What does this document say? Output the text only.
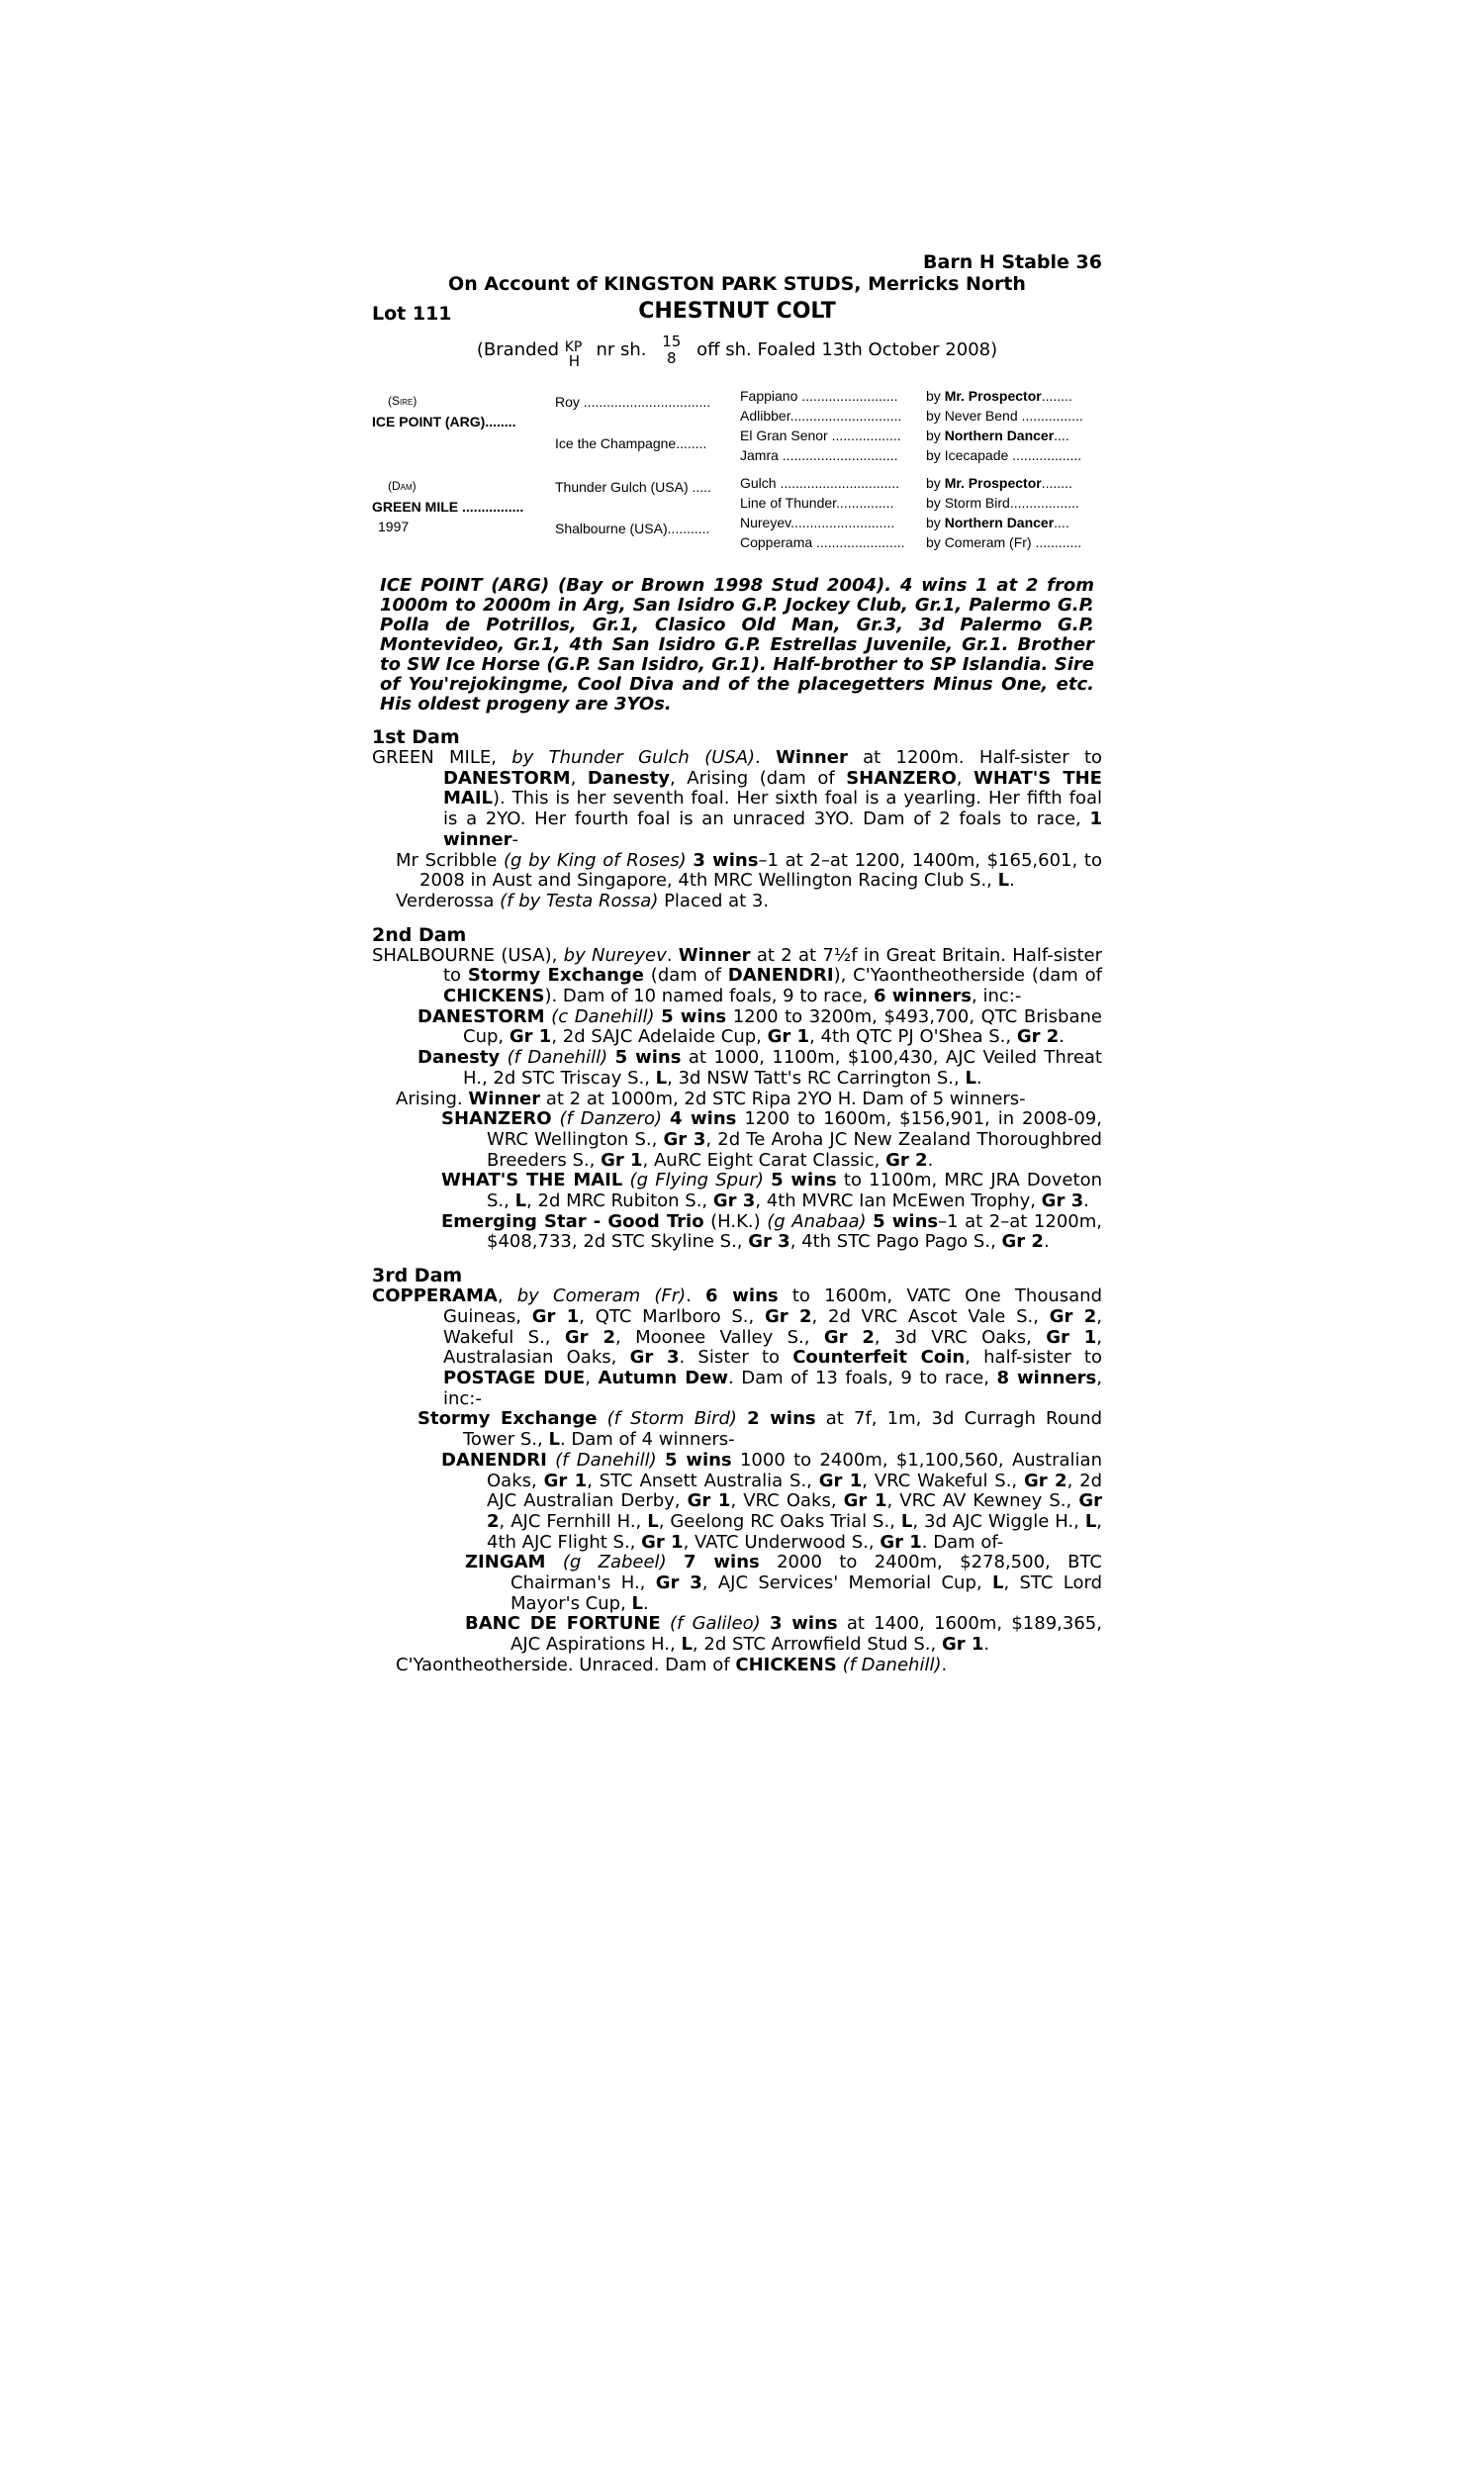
Barn H Stable 36
On Account of KINGSTON PARK STUDS, Merricks North
Lot 111	CHESTNUT COLT
(Branded KP
H
nr sh. 15
8 off sh. Foaled 13th October 2008)
(Sire)
ICE POINT (ARG)........
(Dam)
GREEN MILE ................
1997
Roy .................................
Ice the Champagne........
Thunder Gulch (USA) .....
Shalbourne (USA)...........
Fappiano .........................
Adlibber.............................
El Gran Senor ..................
Jamra ..............................
Gulch ...............................
Line of Thunder...............
Nureyev...........................
Copperama .......................
by Mr. Prospector........
by Never Bend ................
by Northern Dancer....
by Icecapade ..................
by Mr. Prospector........
by Storm Bird..................
by Northern Dancer....
by Comeram (Fr) ............
ICE POINT (ARG) (Bay or Brown 1998 Stud 2004). 4 wins 1 at 2 from 1000m to 2000m in Arg, San Isidro G.P. Jockey Club, Gr.1, Palermo G.P. Polla de Potrillos, Gr.1, Clasico Old Man, Gr.3, 3d Palermo G.P. Montevideo, Gr.1, 4th San Isidro G.P. Estrellas Juvenile, Gr.1. Brother to SW Ice Horse (G.P. San Isidro, Gr.1). Half-brother to SP Islandia. Sire of You'rejokingme, Cool Diva and of the placegetters Minus One, etc. His oldest progeny are 3YOs.
1st Dam
GREEN MILE, by Thunder Gulch (USA). Winner at 1200m. Half-sister to DANESTORM, Danesty, Arising (dam of SHANZERO, WHAT'S THE MAIL). This is her seventh foal. Her sixth foal is a yearling. Her fifth foal is a 2YO. Her fourth foal is an unraced 3YO. Dam of 2 foals to race, 1 winner-
Mr Scribble (g by King of Roses) 3 wins–1 at 2–at 1200, 1400m, $165,601, to 2008 in Aust and Singapore, 4th MRC Wellington Racing Club S., L.
Verderossa (f by Testa Rossa) Placed at 3.
2nd Dam
SHALBOURNE (USA), by Nureyev. Winner at 2 at 7½f in Great Britain. Half-sister to Stormy Exchange (dam of DANENDRI), C'Yaontheotherside (dam of CHICKENS). Dam of 10 named foals, 9 to race, 6 winners, inc:-
DANESTORM (c Danehill) 5 wins 1200 to 3200m, $493,700, QTC Brisbane Cup, Gr 1, 2d SAJC Adelaide Cup, Gr 1, 4th QTC PJ O'Shea S., Gr 2.
Danesty (f Danehill) 5 wins at 1000, 1100m, $100,430, AJC Veiled Threat H., 2d STC Triscay S., L, 3d NSW Tatt's RC Carrington S., L.
Arising. Winner at 2 at 1000m, 2d STC Ripa 2YO H. Dam of 5 winners-
SHANZERO (f Danzero) 4 wins 1200 to 1600m, $156,901, in 2008-09, WRC Wellington S., Gr 3, 2d Te Aroha JC New Zealand Thoroughbred Breeders S., Gr 1, AuRC Eight Carat Classic, Gr 2.
WHAT'S THE MAIL (g Flying Spur) 5 wins to 1100m, MRC JRA Doveton S., L, 2d MRC Rubiton S., Gr 3, 4th MVRC Ian McEwen Trophy, Gr 3.
Emerging Star - Good Trio (H.K.) (g Anabaa) 5 wins–1 at 2–at 1200m, $408,733, 2d STC Skyline S., Gr 3, 4th STC Pago Pago S., Gr 2.
3rd Dam
COPPERAMA, by Comeram (Fr). 6 wins to 1600m, VATC One Thousand Guineas, Gr 1, QTC Marlboro S., Gr 2, 2d VRC Ascot Vale S., Gr 2, Wakeful S., Gr 2, Moonee Valley S., Gr 2, 3d VRC Oaks, Gr 1, Australasian Oaks, Gr 3. Sister to Counterfeit Coin, half-sister to POSTAGE DUE, Autumn Dew. Dam of 13 foals, 9 to race, 8 winners, inc:-
Stormy Exchange (f Storm Bird) 2 wins at 7f, 1m, 3d Curragh Round Tower S., L. Dam of 4 winners-
DANENDRI (f Danehill) 5 wins 1000 to 2400m, $1,100,560, Australian Oaks, Gr 1, STC Ansett Australia S., Gr 1, VRC Wakeful S., Gr 2, 2d AJC Australian Derby, Gr 1, VRC Oaks, Gr 1, VRC AV Kewney S., Gr 2, AJC Fernhill H., L, Geelong RC Oaks Trial S., L, 3d AJC Wiggle H., L, 4th AJC Flight S., Gr 1, VATC Underwood S., Gr 1. Dam of-
ZINGAM (g Zabeel) 7 wins 2000 to 2400m, $278,500, BTC Chairman's H., Gr 3, AJC Services' Memorial Cup, L, STC Lord Mayor's Cup, L.
BANC DE FORTUNE (f Galileo) 3 wins at 1400, 1600m, $189,365, AJC Aspirations H., L, 2d STC Arrowfield Stud S., Gr 1.
C'Yaontheotherside. Unraced. Dam of CHICKENS (f Danehill).
